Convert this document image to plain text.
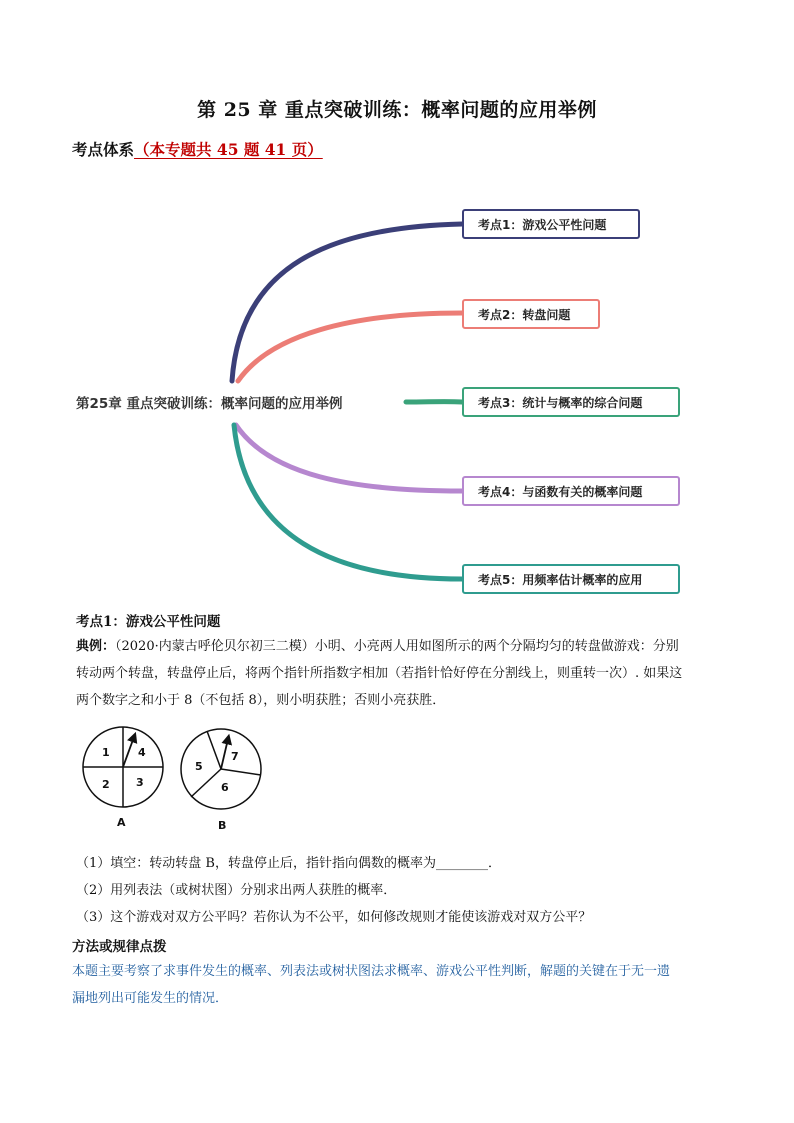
第 25 章 重点突破训练：概率问题的应用举例
考点体系（本专题共 45 题 41 页）
第25章 重点突破训练：概率问题的应用举例
考点1：游戏公平性问题
考点2：转盘问题
考点3：统计与概率的综合问题
考点4：与函数有关的概率问题
考点5：用频率估计概率的应用
考点1：游戏公平性问题
典例：（2020·内蒙古呼伦贝尔初三二模）小明、小亮两人用如图所示的两个分隔均匀的转盘做游戏：分别
转动两个转盘，转盘停止后，将两个指针所指数字相加（若指针恰好停在分割线上，则重转一次）. 如果这
两个数字之和小于 8（不包括 8），则小明获胜；否则小亮获胜．
1	4
2 3
A
5
7
6
B
（1）填空：转动转盘 B，转盘停止后，指针指向偶数的概率为________．
（2）用列表法（或树状图）分别求出两人获胜的概率．
（3）这个游戏对双方公平吗？若你认为不公平，如何修改规则才能使该游戏对双方公平？
方法或规律点拨
本题主要考察了求事件发生的概率、列表法或树状图法求概率、游戏公平性判断，解题的关键在于无一遗
漏地列出可能发生的情况．
